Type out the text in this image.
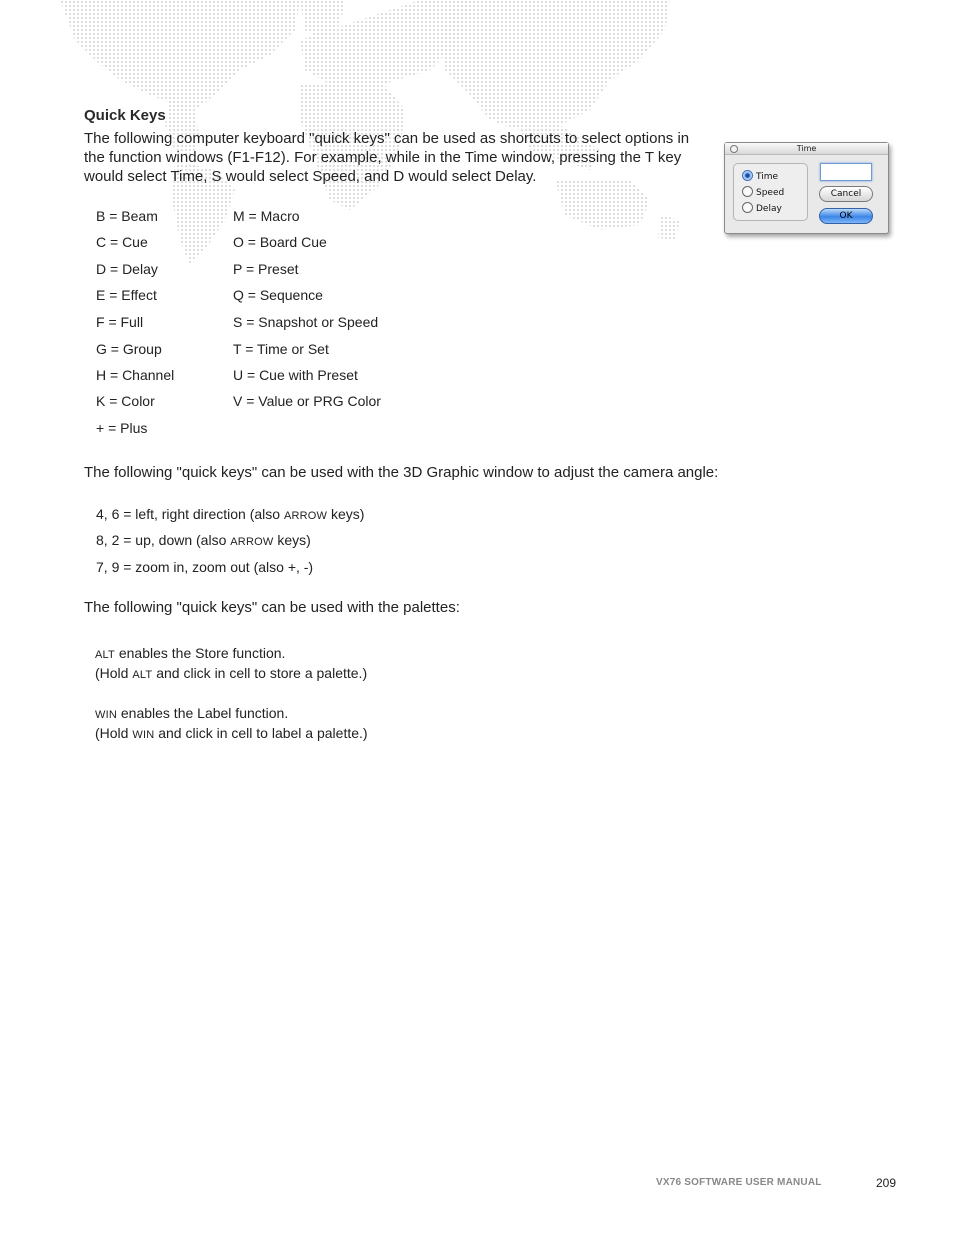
Quick Keys

The following computer keyboard "quick keys" can be used as shortcuts to select options in the function windows (F1-F12). For example, while in the Time window, pressing the T key would select Time, S would select Speed, and D would select Delay.

B = Beam	M = Macro
C = Cue	O = Board Cue
D = Delay	P = Preset
E = Effect	Q = Sequence
F = Full	S = Snapshot or Speed
G = Group	T = Time or Set
H = Channel	U = Cue with Preset
K = Color	V = Value or PRG Color
+ = Plus
The following "quick keys" can be used with the 3D Graphic window to adjust the camera angle:
4, 6 = left, right direction (also ARROW keys)
8, 2 = up, down (also ARROW keys)
7, 9 = zoom in, zoom out (also +, -)
The following "quick keys" can be used with the palettes:
ALT enables the Store function.
(Hold ALT and click in cell to store a palette.)
WIN enables the Label function.
(Hold WIN and click in cell to label a palette.)
Time
Time
Speed
Delay
Cancel
OK
VX76 SOFTWARE USER MANUAL	209
